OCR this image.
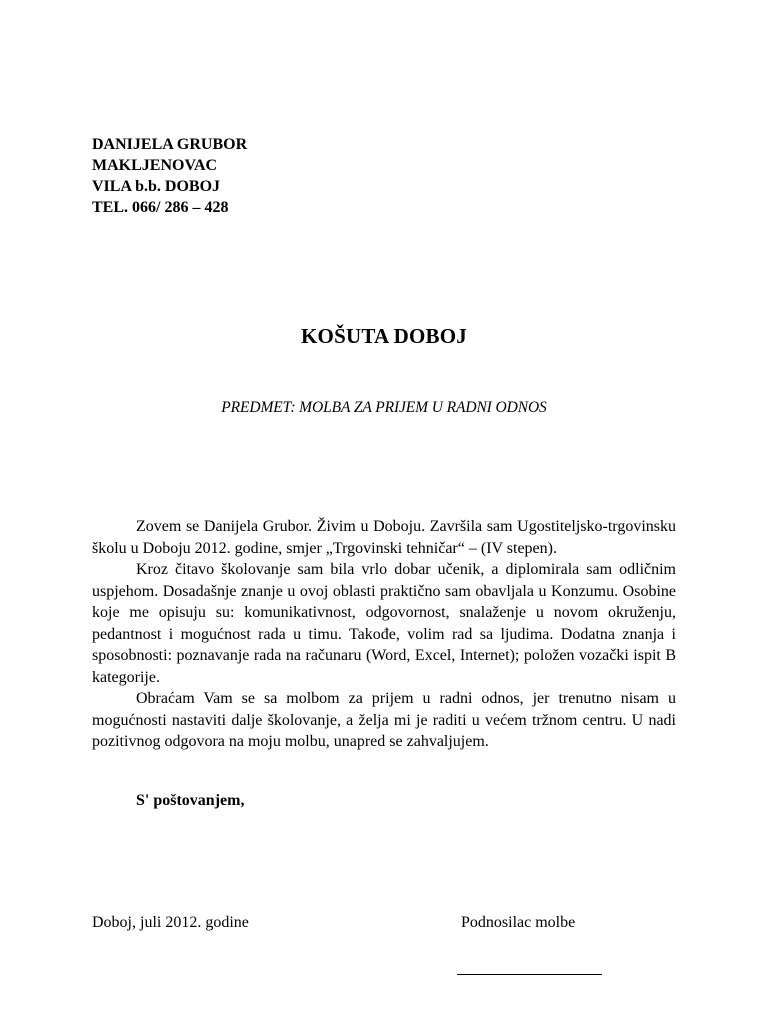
DANIJELA GRUBOR
MAKLJENOVAC
VILA b.b. DOBOJ
TEL. 066/ 286 – 428
KOŠUTA DOBOJ
PREDMET: MOLBA ZA PRIJEM U RADNI ODNOS

Zovem se Danijela Grubor. Živim u Doboju. Završila sam Ugostiteljsko-trgovinsku školu u Doboju 2012. godine, smjer „Trgovinski tehničar“ – (IV stepen).

Kroz čitavo školovanje sam bila vrlo dobar učenik, a diplomirala sam odličnim uspjehom. Dosadašnje znanje u ovoj oblasti praktično sam obavljala u Konzumu. Osobine koje me opisuju su: komunikativnost, odgovornost, snalaženje u novom okruženju, pedantnost i mogućnost rada u timu. Takođe, volim rad sa ljudima. Dodatna znanja i sposobnosti: poznavanje rada na računaru (Word, Excel, Internet); položen vozački ispit B kategorije.

Obraćam Vam se sa molbom za prijem u radni odnos, jer trenutno nisam u mogućnosti nastaviti dalje školovanje, a želja mi je raditi u većem tržnom centru. U nadi pozitivnog odgovora na moju molbu, unapred se zahvaljujem.

S' poštovanjem,
Doboj, juli 2012. godine	Podnosilac molbe
